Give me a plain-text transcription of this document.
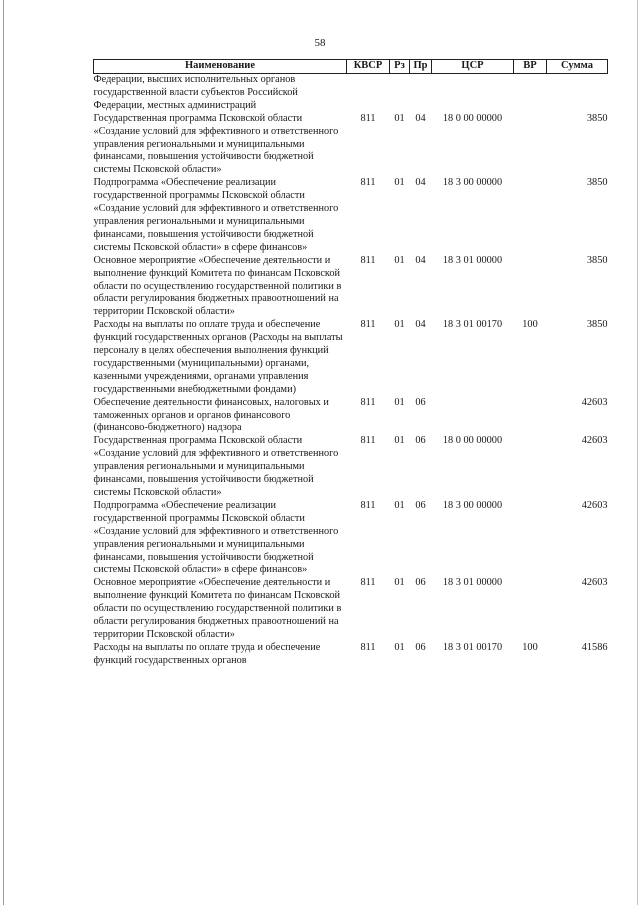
58
Наименование	КВСР	Рз	Пр	ЦСР	ВР	Сумма
Федерации, высших исполнительных органов государственной власти субъектов Российской Федерации, местных администраций						
Государственная программа Псковской области «Создание условий для эффективного и ответственного управления региональными и муниципальными финансами, повышения устойчивости бюджетной системы Псковской области»	811	01	04	18 0 00 00000		3850
Подпрограмма «Обеспечение реализации государственной программы Псковской области «Создание условий для эффективного и ответственного управления региональными и муниципальными финансами, повышения устойчивости бюджетной системы Псковской области» в сфере финансов»	811	01	04	18 3 00 00000		3850
Основное мероприятие «Обеспечение деятельности и выполнение функций Комитета по финансам Псковской области по осуществлению государственной политики в области регулирования бюджетных правоотношений на территории Псковской области»	811	01	04	18 3 01 00000		3850
Расходы на выплаты по оплате труда и обеспечение функций государственных органов (Расходы на выплаты персоналу в целях обеспечения выполнения функций государственными (муниципальными) органами, казенными учреждениями, органами управления государственными внебюджетными фондами)	811	01	04	18 3 01 00170	100	3850
Обеспечение деятельности финансовых, налоговых и таможенных органов и органов финансового (финансово-бюджетного) надзора	811	01	06			42603
Государственная программа Псковской области «Создание условий для эффективного и ответственного управления региональными и муниципальными финансами, повышения устойчивости бюджетной системы Псковской области»	811	01	06	18 0 00 00000		42603
Подпрограмма «Обеспечение реализации государственной программы Псковской области «Создание условий для эффективного и ответственного управления региональными и муниципальными финансами, повышения устойчивости бюджетной системы Псковской области» в сфере финансов»	811	01	06	18 3 00 00000		42603
Основное мероприятие «Обеспечение деятельности и выполнение функций Комитета по финансам Псковской области по осуществлению государственной политики в области регулирования бюджетных правоотношений на территории Псковской области»	811	01	06	18 3 01 00000		42603
Расходы на выплаты по оплате труда и обеспечение функций государственных органов	811	01	06	18 3 01 00170	100	41586
